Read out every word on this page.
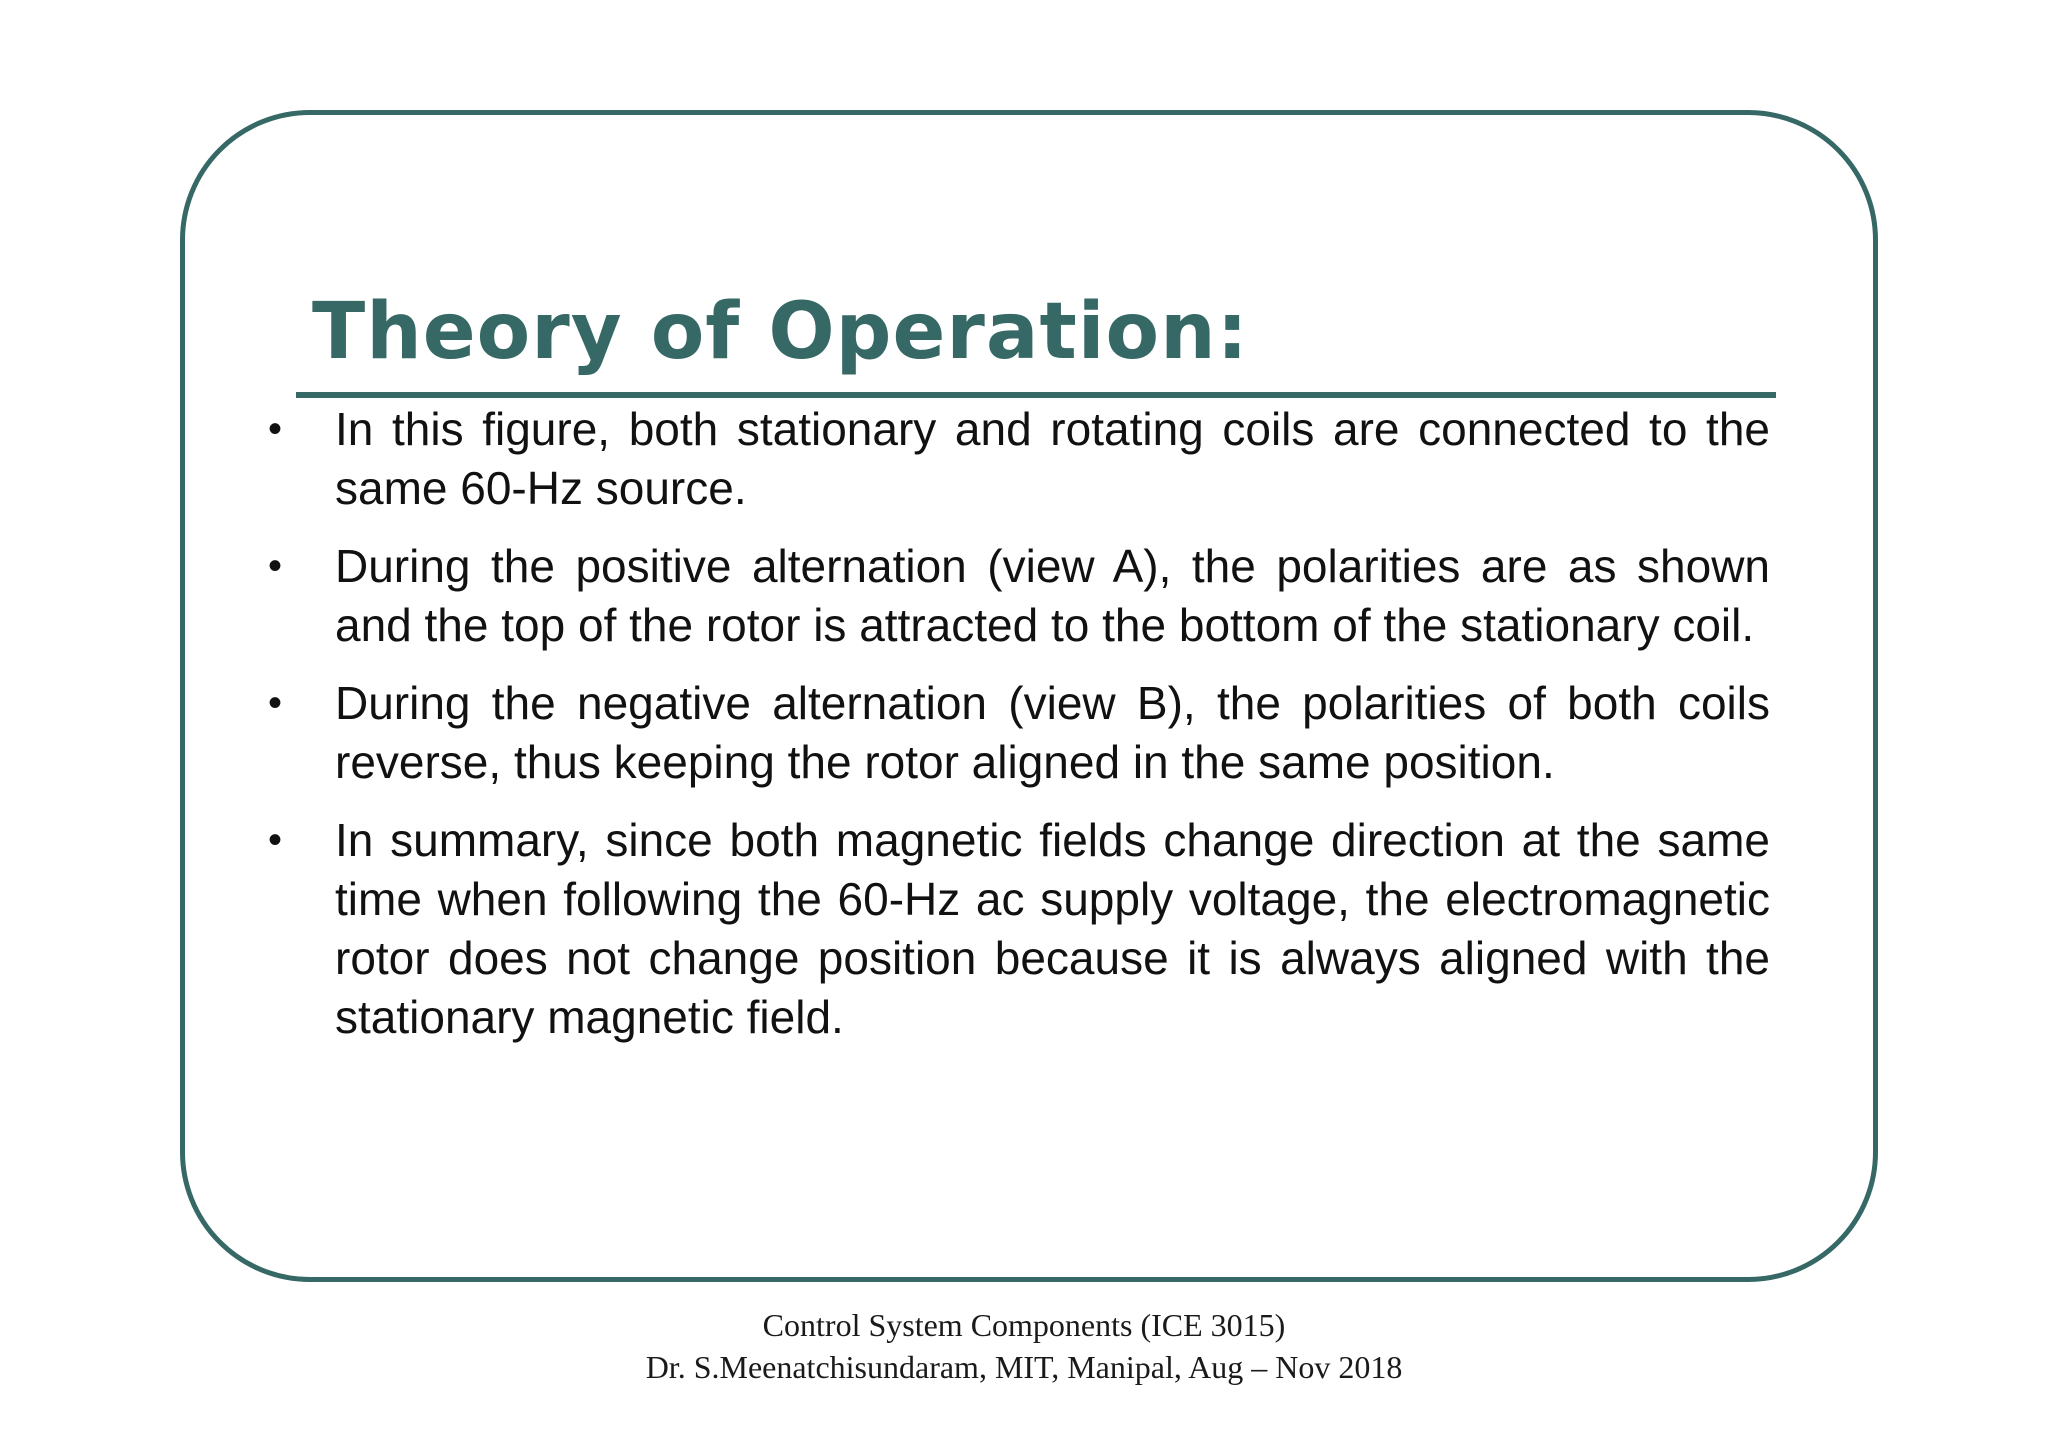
Theory of Operation:
• In this figure, both stationary and rotating coils are connected to the same 60-Hz source.
• During the positive alternation (view A), the polarities are as shown and the top of the rotor is attracted to the bottom of the stationary coil.
• During the negative alternation (view B), the polarities of both coils reverse, thus keeping the rotor aligned in the same position.
• In summary, since both magnetic fields change direction at the same time when following the 60-Hz ac supply voltage, the electromagnetic rotor does not change position because it is always aligned with the stationary magnetic field.
Control System Components (ICE 3015)
Dr. S.Meenatchisundaram, MIT, Manipal, Aug – Nov 2018
